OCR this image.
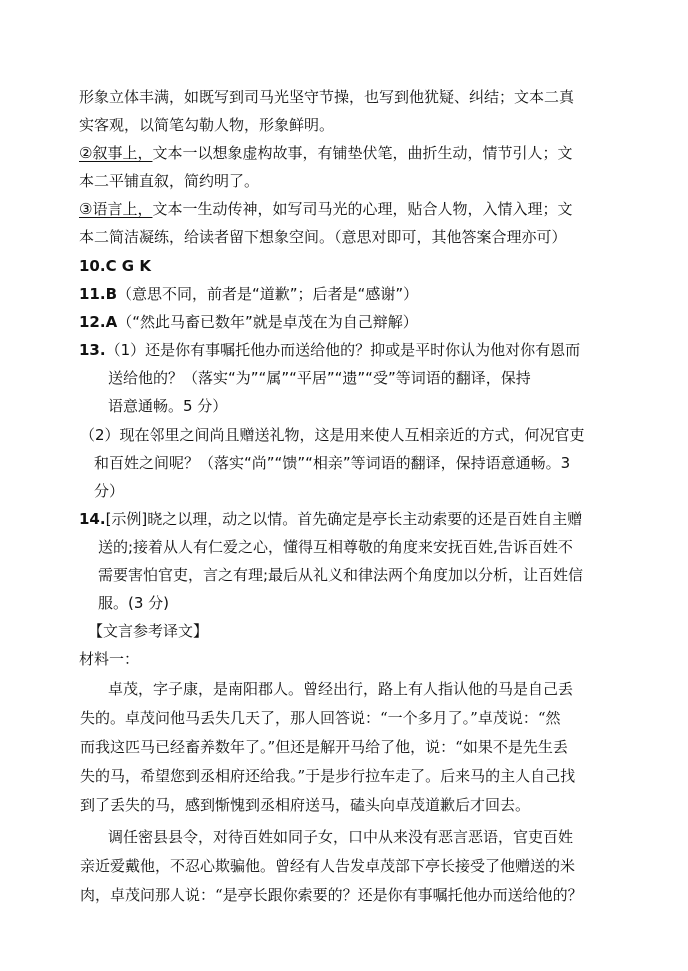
形象立体丰满，如既写到司马光坚守节操，也写到他犹疑、纠结；文本二真
实客观，以简笔勾勒人物，形象鲜明。
②叙事上，文本一以想象虚构故事，有铺垫伏笔，曲折生动，情节引人；文
本二平铺直叙，简约明了。
③语言上，文本一生动传神，如写司马光的心理，贴合人物，入情入理；文
本二简洁凝练，给读者留下想象空间。（意思对即可，其他答案合理亦可）
10.C G K
11.B（意思不同，前者是“道歉”；后者是“感谢”）
12.A（“然此马畜已数年”就是卓茂在为自己辩解）
13.（1）还是你有事嘱托他办而送给他的？抑或是平时你认为他对你有恩而
送给他的？（落实“为”“属”“平居”“遗”“受”等词语的翻译，保持
语意通畅。5 分）
（2）现在邻里之间尚且赠送礼物，这是用来使人互相亲近的方式，何况官吏
和百姓之间呢？（落实“尚”“馈”“相亲”等词语的翻译，保持语意通畅。3
分）
14.[示例]晓之以理，动之以情。首先确定是亭长主动索要的还是百姓自主赠
送的;接着从人有仁爱之心，懂得互相尊敬的角度来安抚百姓,告诉百姓不
需要害怕官吏，言之有理;最后从礼义和律法两个角度加以分析，让百姓信
服。(3 分)
【文言参考译文】
材料一：
卓茂，字子康，是南阳郡人。曾经出行，路上有人指认他的马是自己丢
失的。卓茂问他马丢失几天了，那人回答说：“一个多月了。”卓茂说：“然
而我这匹马已经畜养数年了。”但还是解开马给了他，说：“如果不是先生丢
失的马，希望您到丞相府还给我。”于是步行拉车走了。后来马的主人自己找
到了丢失的马，感到惭愧到丞相府送马，磕头向卓茂道歉后才回去。
调任密县县令，对待百姓如同子女，口中从来没有恶言恶语，官吏百姓
亲近爱戴他，不忍心欺骗他。曾经有人告发卓茂部下亭长接受了他赠送的米
肉，卓茂问那人说：“是亭长跟你索要的？还是你有事嘱托他办而送给他的？
